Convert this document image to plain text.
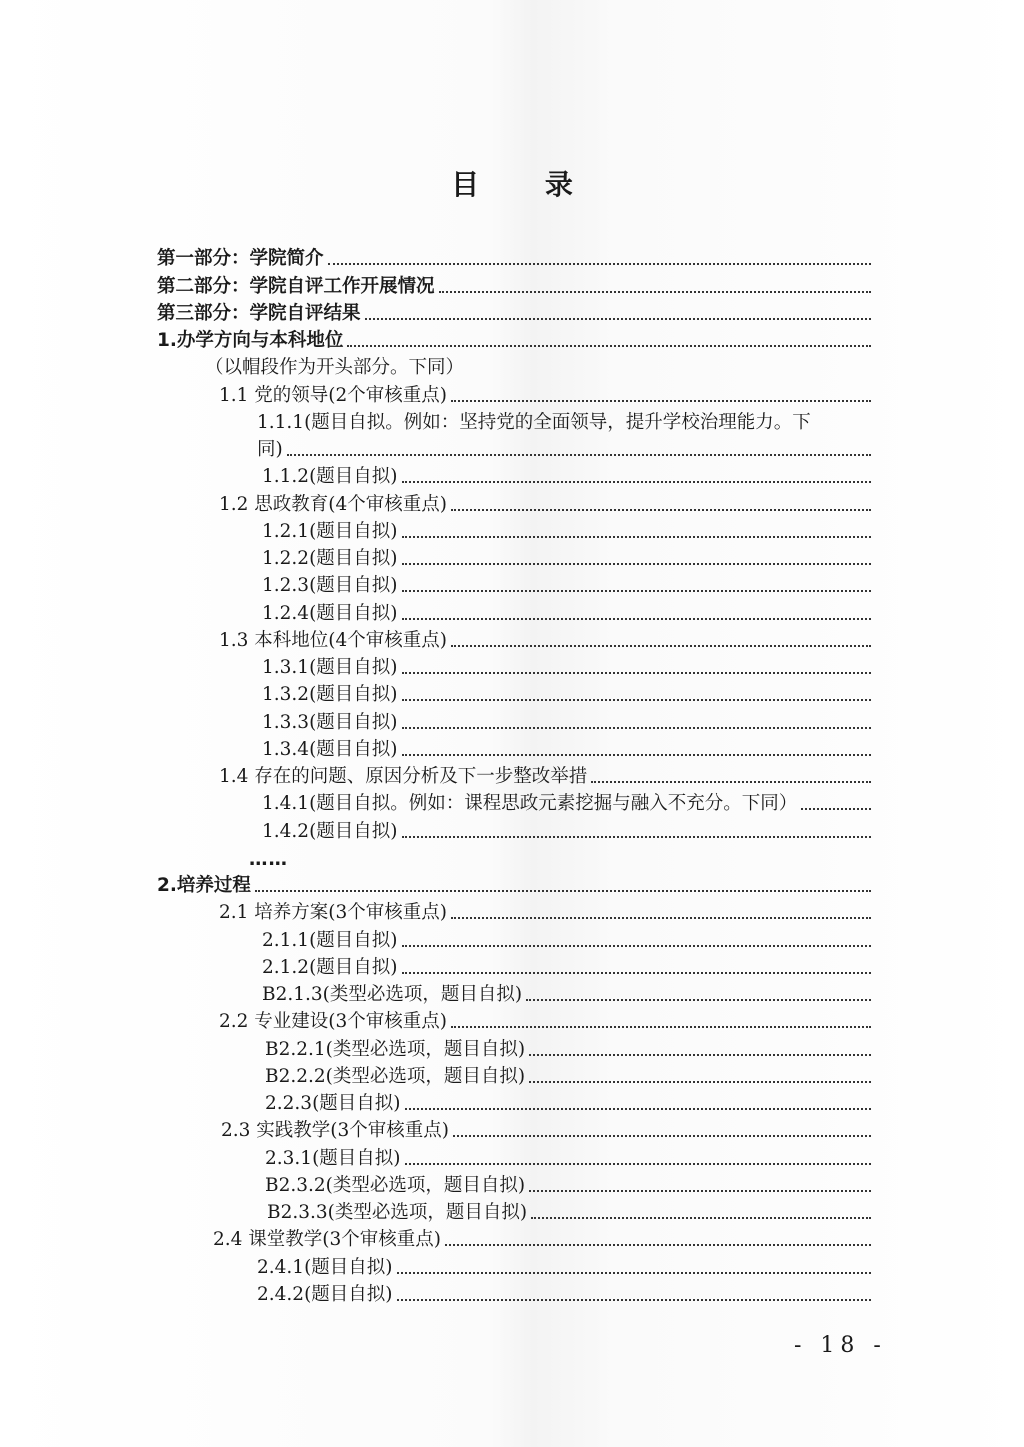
目 录
第一部分：学院简介
第二部分：学院自评工作开展情况
第三部分：学院自评结果
1.办学方向与本科地位
（以帽段作为开头部分。下同）
1.1 党的领导(2个审核重点)
1.1.1(题目自拟。例如：坚持党的全面领导，提升学校治理能力。下
同)
1.1.2(题目自拟)
1.2 思政教育(4个审核重点)
1.2.1(题目自拟)
1.2.2(题目自拟)
1.2.3(题目自拟)
1.2.4(题目自拟)
1.3 本科地位(4个审核重点)
1.3.1(题目自拟)
1.3.2(题目自拟)
1.3.3(题目自拟)
1.3.4(题目自拟)
1.4 存在的问题、原因分析及下一步整改举措
1.4.1(题目自拟。例如：课程思政元素挖掘与融入不充分。下同）
1.4.2(题目自拟)
……
2.培养过程
2.1 培养方案(3个审核重点)
2.1.1(题目自拟)
2.1.2(题目自拟)
B2.1.3(类型必选项，题目自拟)
2.2 专业建设(3个审核重点)
B2.2.1(类型必选项，题目自拟)
B2.2.2(类型必选项，题目自拟)
2.2.3(题目自拟)
2.3 实践教学(3个审核重点)
2.3.1(题目自拟)
B2.3.2(类型必选项，题目自拟)
B2.3.3(类型必选项，题目自拟)
2.4 课堂教学(3个审核重点)
2.4.1(题目自拟)
2.4.2(题目自拟)
- 18 -
